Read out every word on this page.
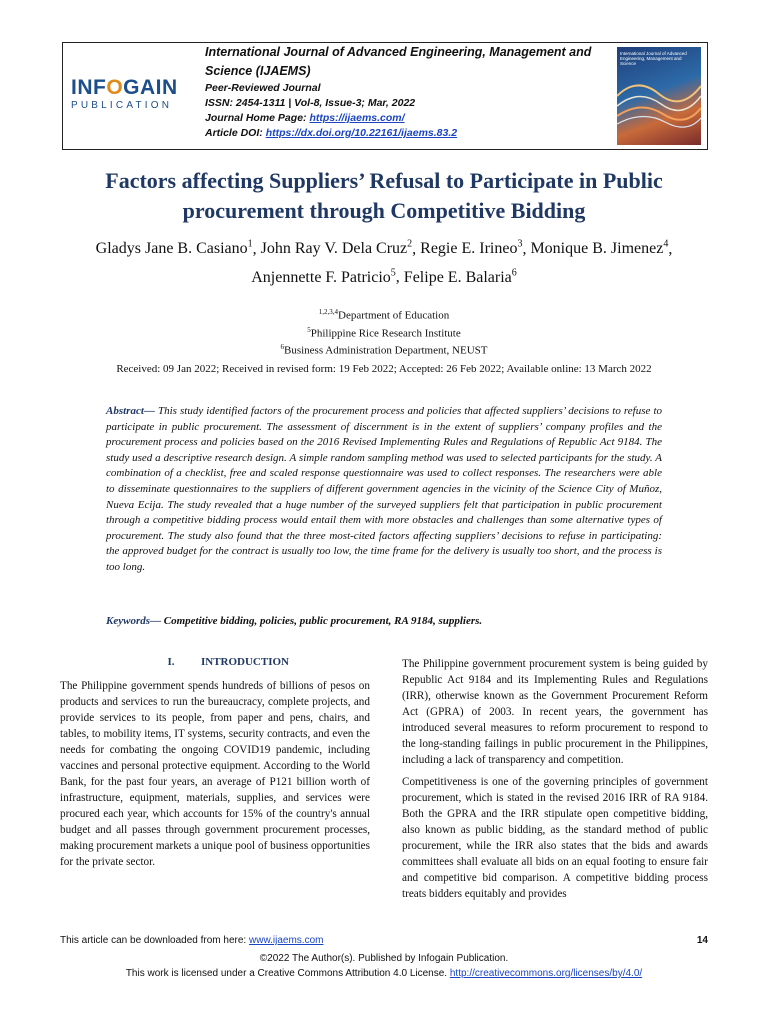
INFOGAIN
PUBLICATION
International Journal of Advanced Engineering, Management and Science (IJAEMS)
Peer-Reviewed Journal
ISSN: 2454-1311 | Vol-8, Issue-3; Mar, 2022
Journal Home Page: https://ijaems.com/
Article DOI: https://dx.doi.org/10.22161/ijaems.83.2
International Journal of Advanced Engineering, Management and Science
Factors affecting Suppliers’ Refusal to Participate in Public procurement through Competitive Bidding
Gladys Jane B. Casiano$^1$, John Ray V. Dela Cruz$^2$, Regie E. Irineo$^3$, Monique B. Jimenez$^4$, Anjennette F. Patricio$^5$, Felipe E. Balaria$^6$
$^{1,2,3,4}$Department of Education
$^5$Philippine Rice Research Institute
$^6$Business Administration Department, NEUST
Received: 09 Jan 2022; Received in revised form: 19 Feb 2022; Accepted: 26 Feb 2022; Available online: 13 March 2022
Abstract— This study identified factors of the procurement process and policies that affected suppliers’ decisions to refuse to participate in public procurement. The assessment of discernment is in the extent of suppliers’ company profiles and the procurement process and policies based on the 2016 Revised Implementing Rules and Regulations of Republic Act 9184. The study used a descriptive research design. A simple random sampling method was used to selected participants for the study. A combination of a checklist, free and scaled response questionnaire was used to collect responses. The researchers were able to disseminate questionnaires to the suppliers of different government agencies in the vicinity of the Science City of Muñoz, Nueva Ecija. The study revealed that a huge number of the surveyed suppliers felt that participation in public procurement through a competitive bidding process would entail them with more obstacles and challenges than some alternative types of procurement. The study also found that the three most-cited factors affecting suppliers’ decisions to refuse in participating: the approved budget for the contract is usually too low, the time frame for the delivery is usually too short, and the process is too long.
Keywords— Competitive bidding, policies, public procurement, RA 9184, suppliers.
I. INTRODUCTION
The Philippine government spends hundreds of billions of pesos on products and services to run the bureaucracy, complete projects, and provide services to its people, from paper and pens, chairs, and tables, to mobility items, IT systems, security contracts, and even the needs for combating the ongoing COVID19 pandemic, including vaccines and personal protective equipment. According to the World Bank, for the past four years, an average of P121 billion worth of infrastructure, equipment, materials, supplies, and services were procured each year, which accounts for 15% of the country's annual budget and all passes through government procurement processes, making procurement markets a unique pool of business opportunities for the private sector.

The Philippine government procurement system is being guided by Republic Act 9184 and its Implementing Rules and Regulations (IRR), otherwise known as the Government Procurement Reform Act (GPRA) of 2003. In recent years, the government has introduced several measures to reform procurement to respond to the long-standing failings in public procurement in the Philippines, including a lack of transparency and competition.

Competitiveness is one of the governing principles of government procurement, which is stated in the revised 2016 IRR of RA 9184. Both the GPRA and the IRR stipulate open competitive bidding, also known as public bidding, as the standard method of public procurement, while the IRR also states that the bids and awards committees shall evaluate all bids on an equal footing to ensure fair and competitive bid comparison. A competitive bidding process treats bidders equitably and provides

This article can be downloaded from here: www.ijaems.com	14
©2022 The Author(s). Published by Infogain Publication.
This work is licensed under a Creative Commons Attribution 4.0 License. http://creativecommons.org/licenses/by/4.0/
